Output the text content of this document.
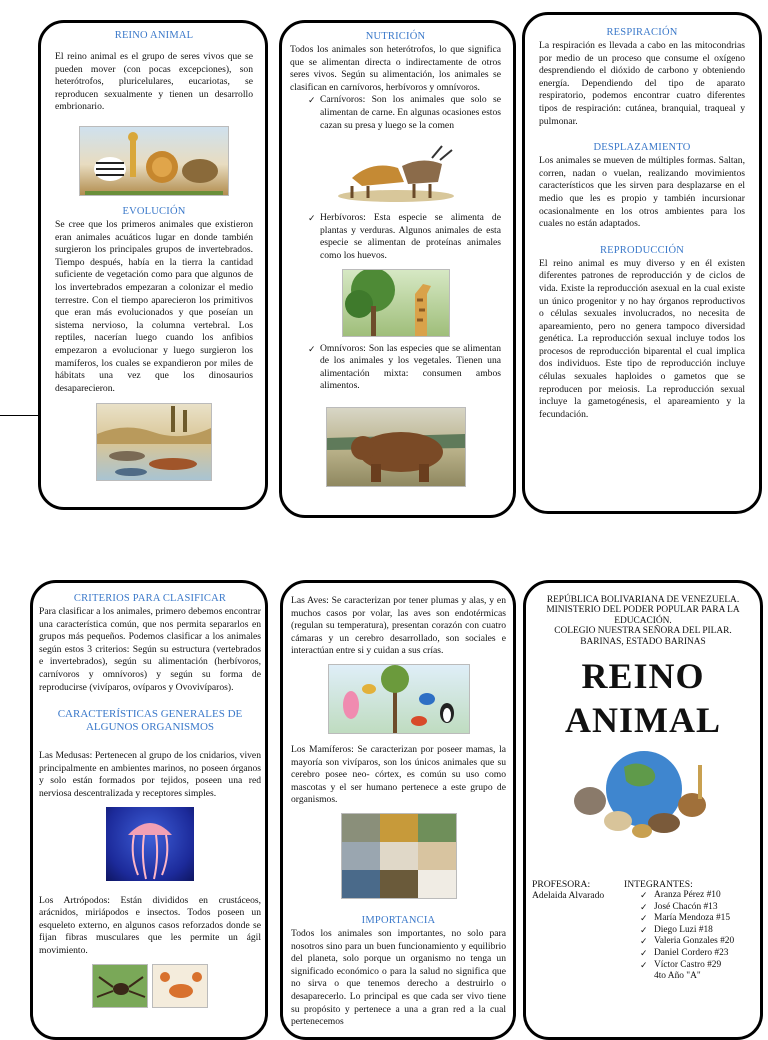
REINO ANIMAL

El reino animal es el grupo de seres vivos que se pueden mover (con pocas excepciones), son heterótrofos, pluricelulares, eucariotas, se reproducen sexualmente y tienen un desarrollo embrionario.

EVOLUCIÓN

Se cree que los primeros animales que existieron eran animales acuáticos lugar en donde también surgieron los principales grupos de invertebrados. Tiempo después, había en la tierra la cantidad suficiente de vegetación como para que algunos de los invertebrados empezaran a colonizar el medio terrestre. Con el tiempo aparecieron los primitivos que eran más evolucionados y que poseían un sistema nervioso, la columna vertebral. Los reptiles, nacerían luego cuando los anfibios empezaron a evolucionar y luego surgieron los mamíferos, los cuales se expandieron por miles de hábitats una vez que los dinosaurios desaparecieron.

NUTRICIÓN

Todos los animales son heterótrofos, lo que significa que se alimentan directa o indirectamente de otros seres vivos. Según su alimentación, los animales se clasifican en carnívoros, herbívoros y omnívoros.

✓ Carnívoros: Son los animales que solo se alimentan de carne. En algunas ocasiones estos cazan su presa y luego se la comen

✓ Herbívoros: Esta especie se alimenta de plantas y verduras. Algunos animales de esta especie se alimentan de proteínas animales como los huevos.

✓ Omnívoros: Son las especies que se alimentan de los animales y los vegetales. Tienen una alimentación mixta: consumen ambos alimentos.

RESPIRACIÓN

La respiración es llevada a cabo en las mitocondrias por medio de un proceso que consume el oxígeno desprendiendo el dióxido de carbono y obteniendo energía. Dependiendo del tipo de aparato respiratorio, podemos encontrar cuatro diferentes tipos de respiración: cutánea, branquial, traqueal y pulmonar.

DESPLAZAMIENTO

Los animales se mueven de múltiples formas. Saltan, corren, nadan o vuelan, realizando movimientos característicos que les sirven para desplazarse en el medio que les es propio y también incursionar ocasionalmente en los otros ambientes para los cuales no están adaptados.

REPRODUCCIÓN

El reino animal es muy diverso y en él existen diferentes patrones de reproducción y de ciclos de vida. Existe la reproducción asexual en la cual existe un único progenitor y no hay órganos reproductivos o células sexuales involucrados, no necesita de apareamiento, pero no genera tampoco diversidad genética. La reproducción sexual incluye todos los procesos de reproducción biparental el cual implica dos individuos. Este tipo de reproducción incluye células sexuales haploides o gametos que se reproducen por meiosis. La reproducción sexual incluye la gametogénesis, el apareamiento y la fecundación.

CRITERIOS PARA CLASIFICAR

Para clasificar a los animales, primero debemos encontrar una característica común, que nos permita separarlos en grupos más pequeños. Podemos clasificar a los animales según estos 3 criterios: Según su estructura (vertebrados e invertebrados), según su alimentación (herbívoros, carnívoros y omnívoros) y según su forma de reproducirse (vivíparos, ovíparos y Ovovivíparos).

CARACTERÍSTICAS GENERALES DE ALGUNOS ORGANISMOS

Las Medusas: Pertenecen al grupo de los cnidarios, viven principalmente en ambientes marinos, no poseen órganos y solo están formados por tejidos, poseen una red nerviosa descentralizada y receptores simples.

Los Artrópodos: Están divididos en crustáceos, arácnidos, miriápodos e insectos. Todos poseen un esqueleto externo, en algunos casos reforzados donde se fijan fibras musculares que les permite un ágil movimiento.

Las Aves: Se caracterizan por tener plumas y alas, y en muchos casos por volar, las aves son endotérmicas (regulan su temperatura), presentan corazón con cuatro cámaras y un cerebro desarrollado, son sociales e interactúan entre si y cuidan a sus crías.

Los Mamíferos: Se caracterizan por poseer mamas, la mayoría son vivíparos, son los únicos animales que su cerebro posee neo- córtex, es común su uso como mascotas y el ser humano pertenece a este grupo de organismos.

IMPORTANCIA

Todos los animales son importantes, no solo para nosotros sino para un buen funcionamiento y equilibrio del planeta, solo porque un organismo no tenga un significado económico o para la salud no significa que no sirva o que tenemos derecho a destruirlo o desaparecerlo. Lo principal es que cada ser vivo tiene su propósito y pertenece a una a gran red a la cual pertenecemos

REPÚBLICA BOLIVARIANA DE VENEZUELA.

MINISTERIO DEL PODER POPULAR PARA LA EDUCACIÓN.

COLEGIO NUESTRA SEÑORA DEL PILAR.

BARINAS, ESTADO BARINAS

REINO

ANIMAL

PROFESORA:
Adelaida Alvarado
INTEGRANTES:
✓ Aranza Pérez #10
✓ José Chacón #13
✓ María Mendoza #15
✓ Diego Luzi #18
✓ Valeria Gonzales #20
✓ Daniel Cordero #23
✓ Víctor Castro #29
4to Año "A"
